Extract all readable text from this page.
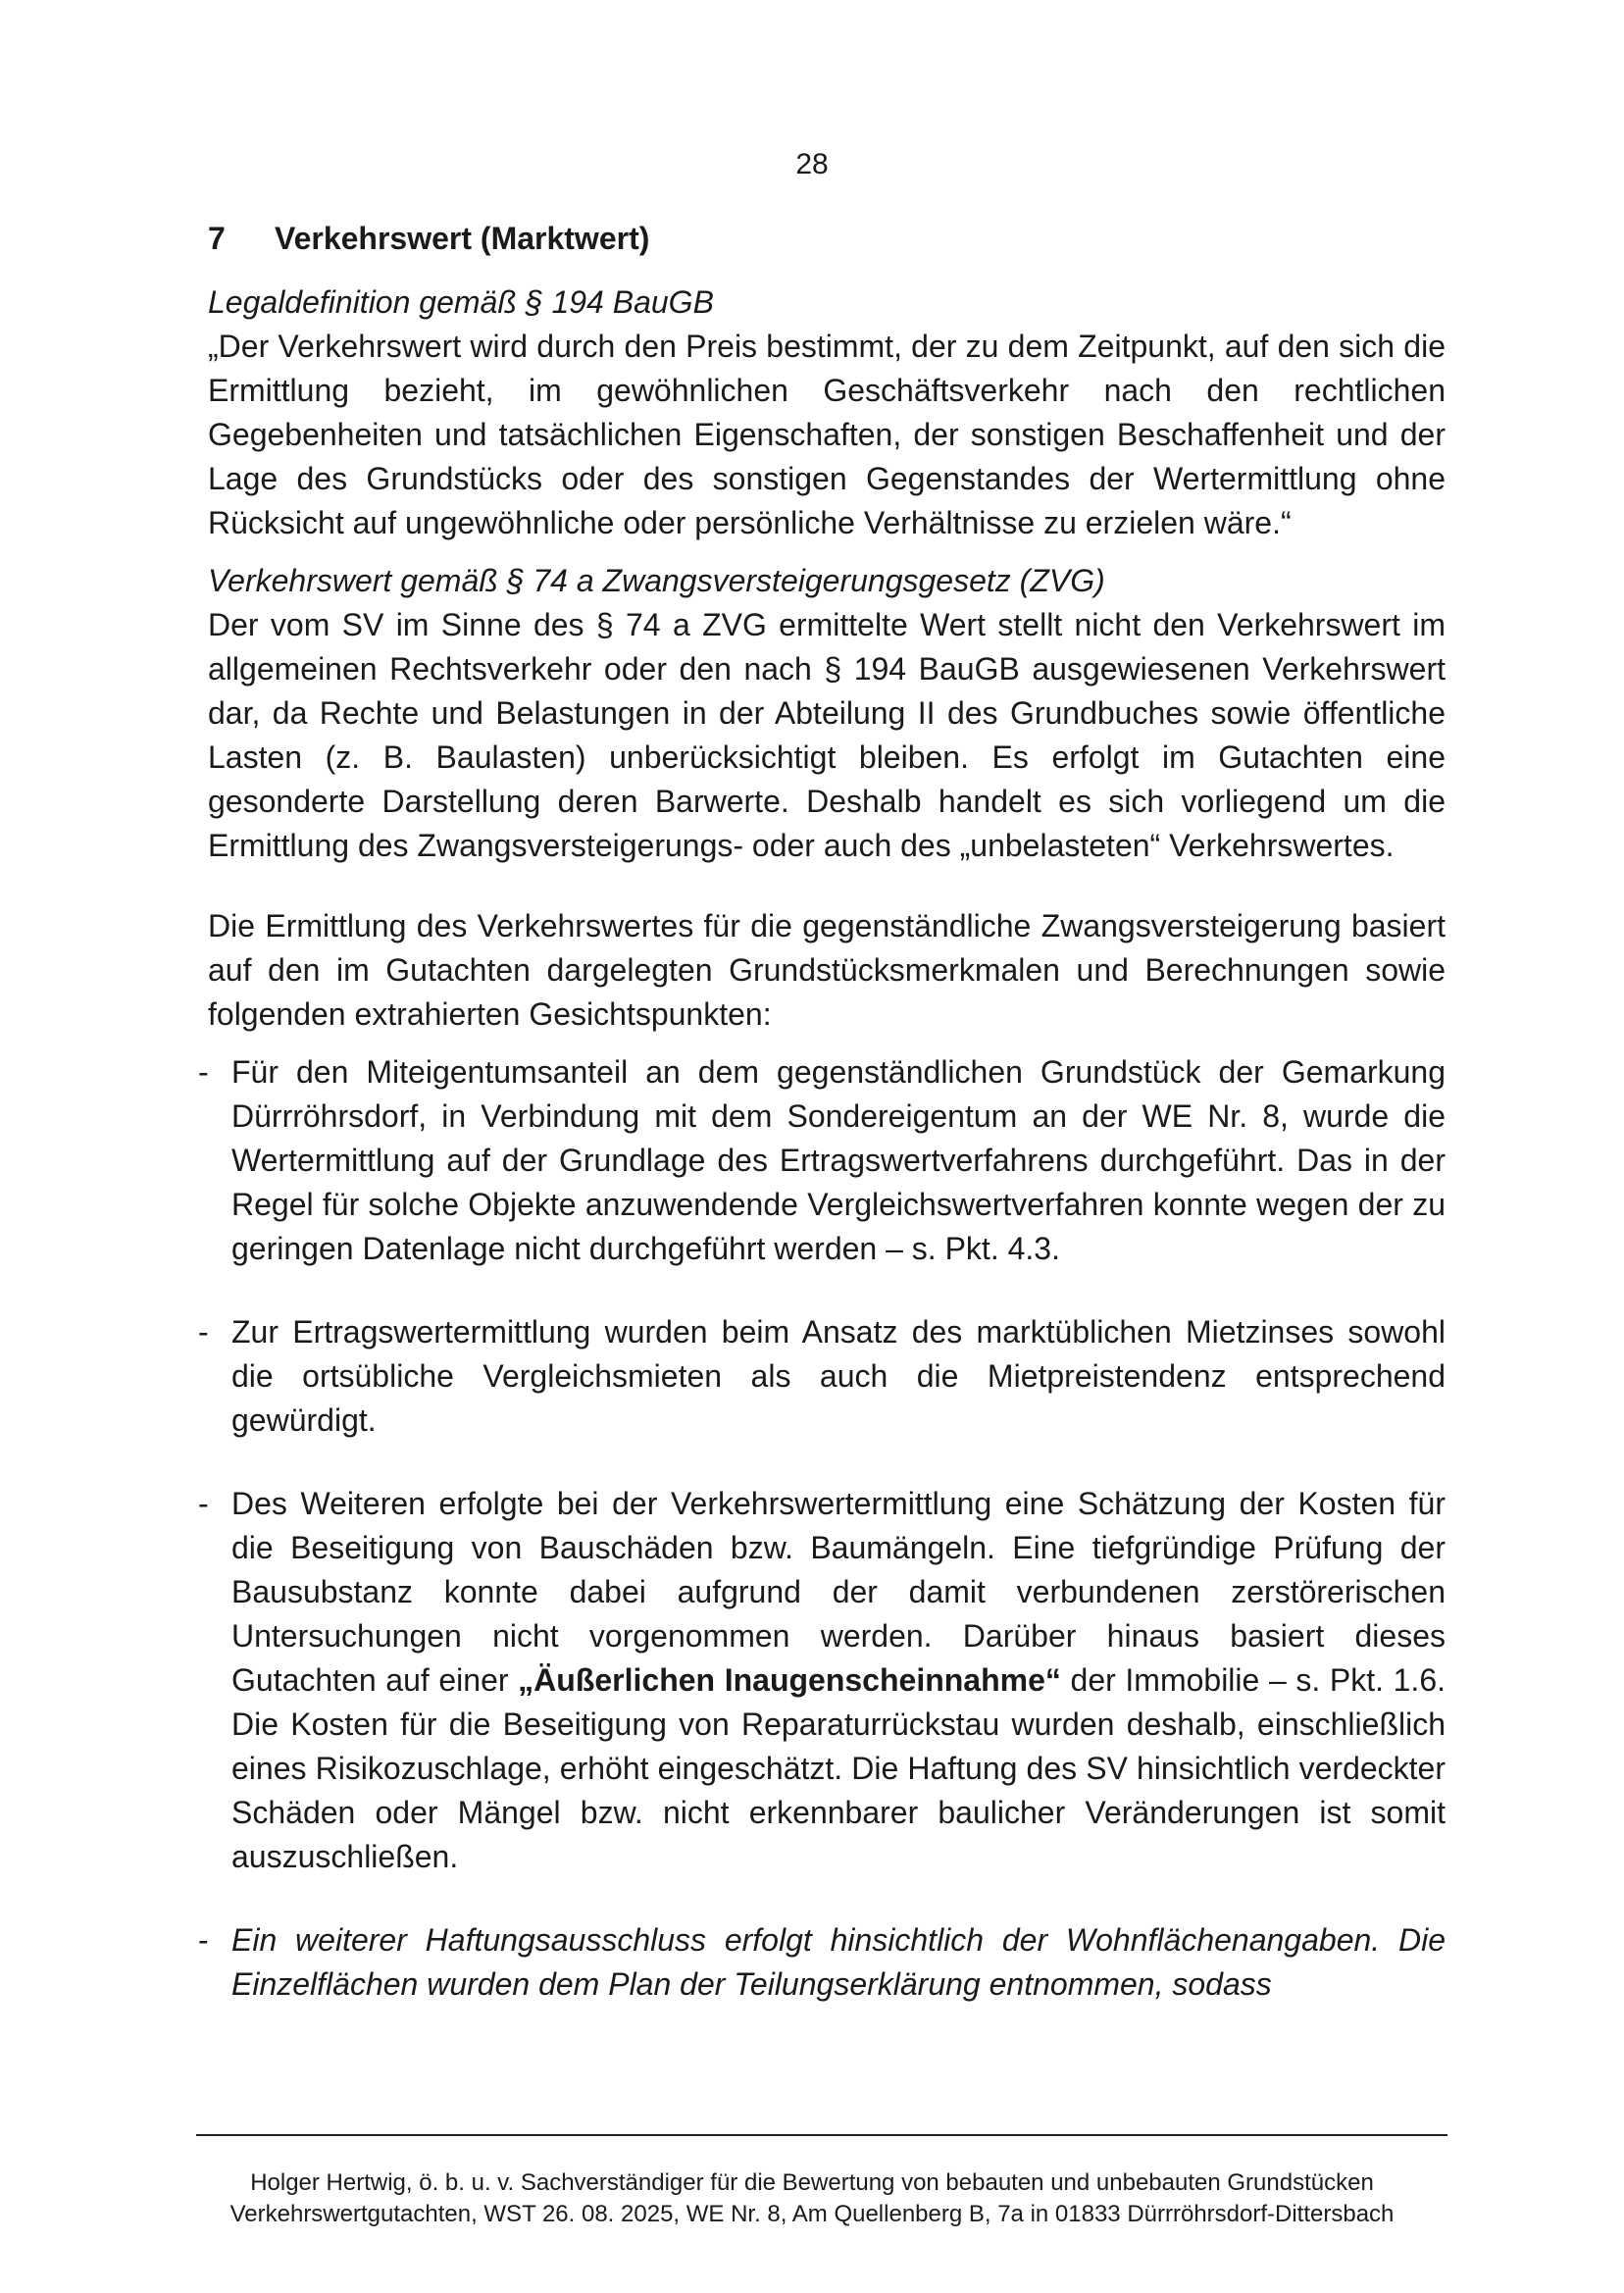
28
7	Verkehrswert (Marktwert)

Legaldefinition gemäß § 194 BauGB

„Der Verkehrswert wird durch den Preis bestimmt, der zu dem Zeitpunkt, auf den sich die Ermittlung bezieht, im gewöhnlichen Geschäftsverkehr nach den rechtlichen Gegebenheiten und tatsächlichen Eigenschaften, der sonstigen Beschaffenheit und der Lage des Grundstücks oder des sonstigen Gegenstandes der Wertermittlung ohne Rücksicht auf ungewöhnliche oder persönliche Verhältnisse zu erzielen wäre.“

Verkehrswert gemäß § 74 a Zwangsversteigerungsgesetz (ZVG)

Der vom SV im Sinne des § 74 a ZVG ermittelte Wert stellt nicht den Verkehrswert im allgemeinen Rechtsverkehr oder den nach § 194 BauGB ausgewiesenen Verkehrswert dar, da Rechte und Belastungen in der Abteilung II des Grundbuches sowie öffentliche Lasten (z. B. Baulasten) unberücksichtigt bleiben. Es erfolgt im Gutachten eine gesonderte Darstellung deren Barwerte. Deshalb handelt es sich vorliegend um die Ermittlung des Zwangsversteigerungs- oder auch des „unbelasteten“ Verkehrswertes.

Die Ermittlung des Verkehrswertes für die gegenständliche Zwangsversteigerung basiert auf den im Gutachten dargelegten Grundstücksmerkmalen und Berechnungen sowie folgenden extrahierten Gesichtspunkten:

- Für den Miteigentumsanteil an dem gegenständlichen Grundstück der Gemarkung Dürrröhrsdorf, in Verbindung mit dem Sondereigentum an der WE Nr. 8, wurde die Wertermittlung auf der Grundlage des Ertragswertverfahrens durchgeführt. Das in der Regel für solche Objekte anzuwendende Vergleichswertverfahren konnte wegen der zu geringen Datenlage nicht durchgeführt werden – s. Pkt. 4.3.
- Zur Ertragswertermittlung wurden beim Ansatz des marktüblichen Mietzinses sowohl die ortsübliche Vergleichsmieten als auch die Mietpreistendenz entsprechend gewürdigt.
- Des Weiteren erfolgte bei der Verkehrswertermittlung eine Schätzung der Kosten für die Beseitigung von Bauschäden bzw. Baumängeln. Eine tiefgründige Prüfung der Bausubstanz konnte dabei aufgrund der damit verbundenen zerstörerischen Untersuchungen nicht vorgenommen werden. Darüber hinaus basiert dieses Gutachten auf einer „Äußerlichen Inaugenscheinnahme“ der Immobilie – s. Pkt. 1.6. Die Kosten für die Beseitigung von Reparaturrückstau wurden deshalb, einschließlich eines Risikozuschlage, erhöht eingeschätzt. Die Haftung des SV hinsichtlich verdeckter Schäden oder Mängel bzw. nicht erkennbarer baulicher Veränderungen ist somit auszuschließen.
- Ein weiterer Haftungsausschluss erfolgt hinsichtlich der Wohnflächenangaben. Die Einzelflächen wurden dem Plan der Teilungserklärung entnommen, sodass
Holger Hertwig, ö. b. u. v. Sachverständiger für die Bewertung von bebauten und unbebauten Grundstücken
Verkehrswertgutachten, WST 26. 08. 2025, WE Nr. 8, Am Quellenberg B, 7a in 01833 Dürrröhrsdorf-Dittersbach
